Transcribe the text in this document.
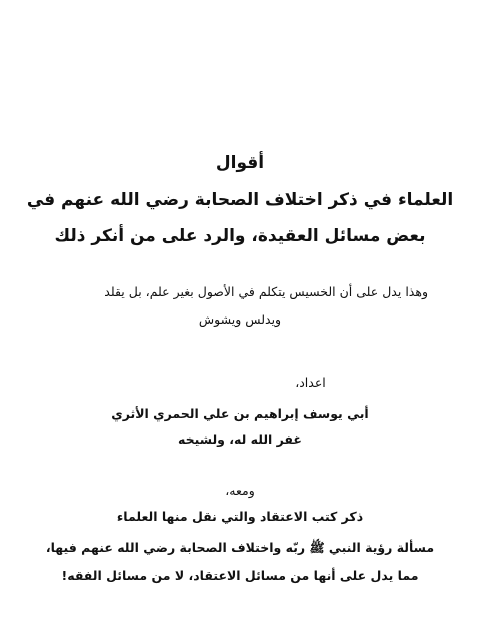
أقوال
العلماء في ذكر اختلاف الصحابة رضي الله عنهم في
بعض مسائل العقيدة، والرد على من أنكر ذلك
وهذا يدل على أن الخسيس يتكلم في الأصول بغير علم، بل يقلد
ويدلس ويشوش
اعداد،
أبي يوسف إبراهيم بن علي الحمري الأثري
غفر الله له، ولشيخه
ومعه،
ذكر كتب الاعتقاد والتي نقل منها العلماء
مسألة رؤية النبي ﷺ ربّه واختلاف الصحابة رضي الله عنهم فيها،
مما يدل على أنها من مسائل الاعتقاد، لا من مسائل الفقه!
